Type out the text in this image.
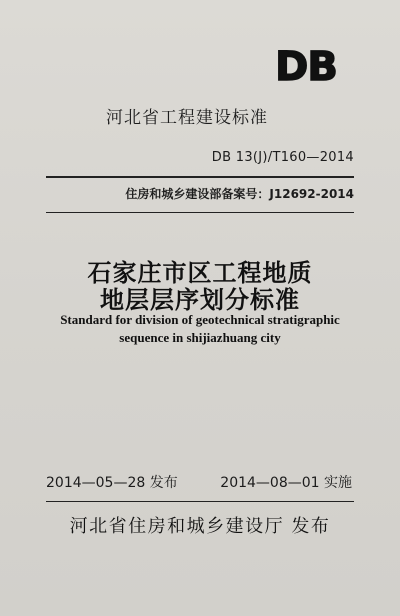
DB
河北省工程建设标准
DB 13(J)/T160—2014
住房和城乡建设部备案号：J12692-2014
石家庄市区工程地质
地层层序划分标准
Standard for division of geotechnical stratigraphic
sequence in shijiazhuang city
2014—05—28 发布	2014—08—01 实施
河北省住房和城乡建设厅 发布
